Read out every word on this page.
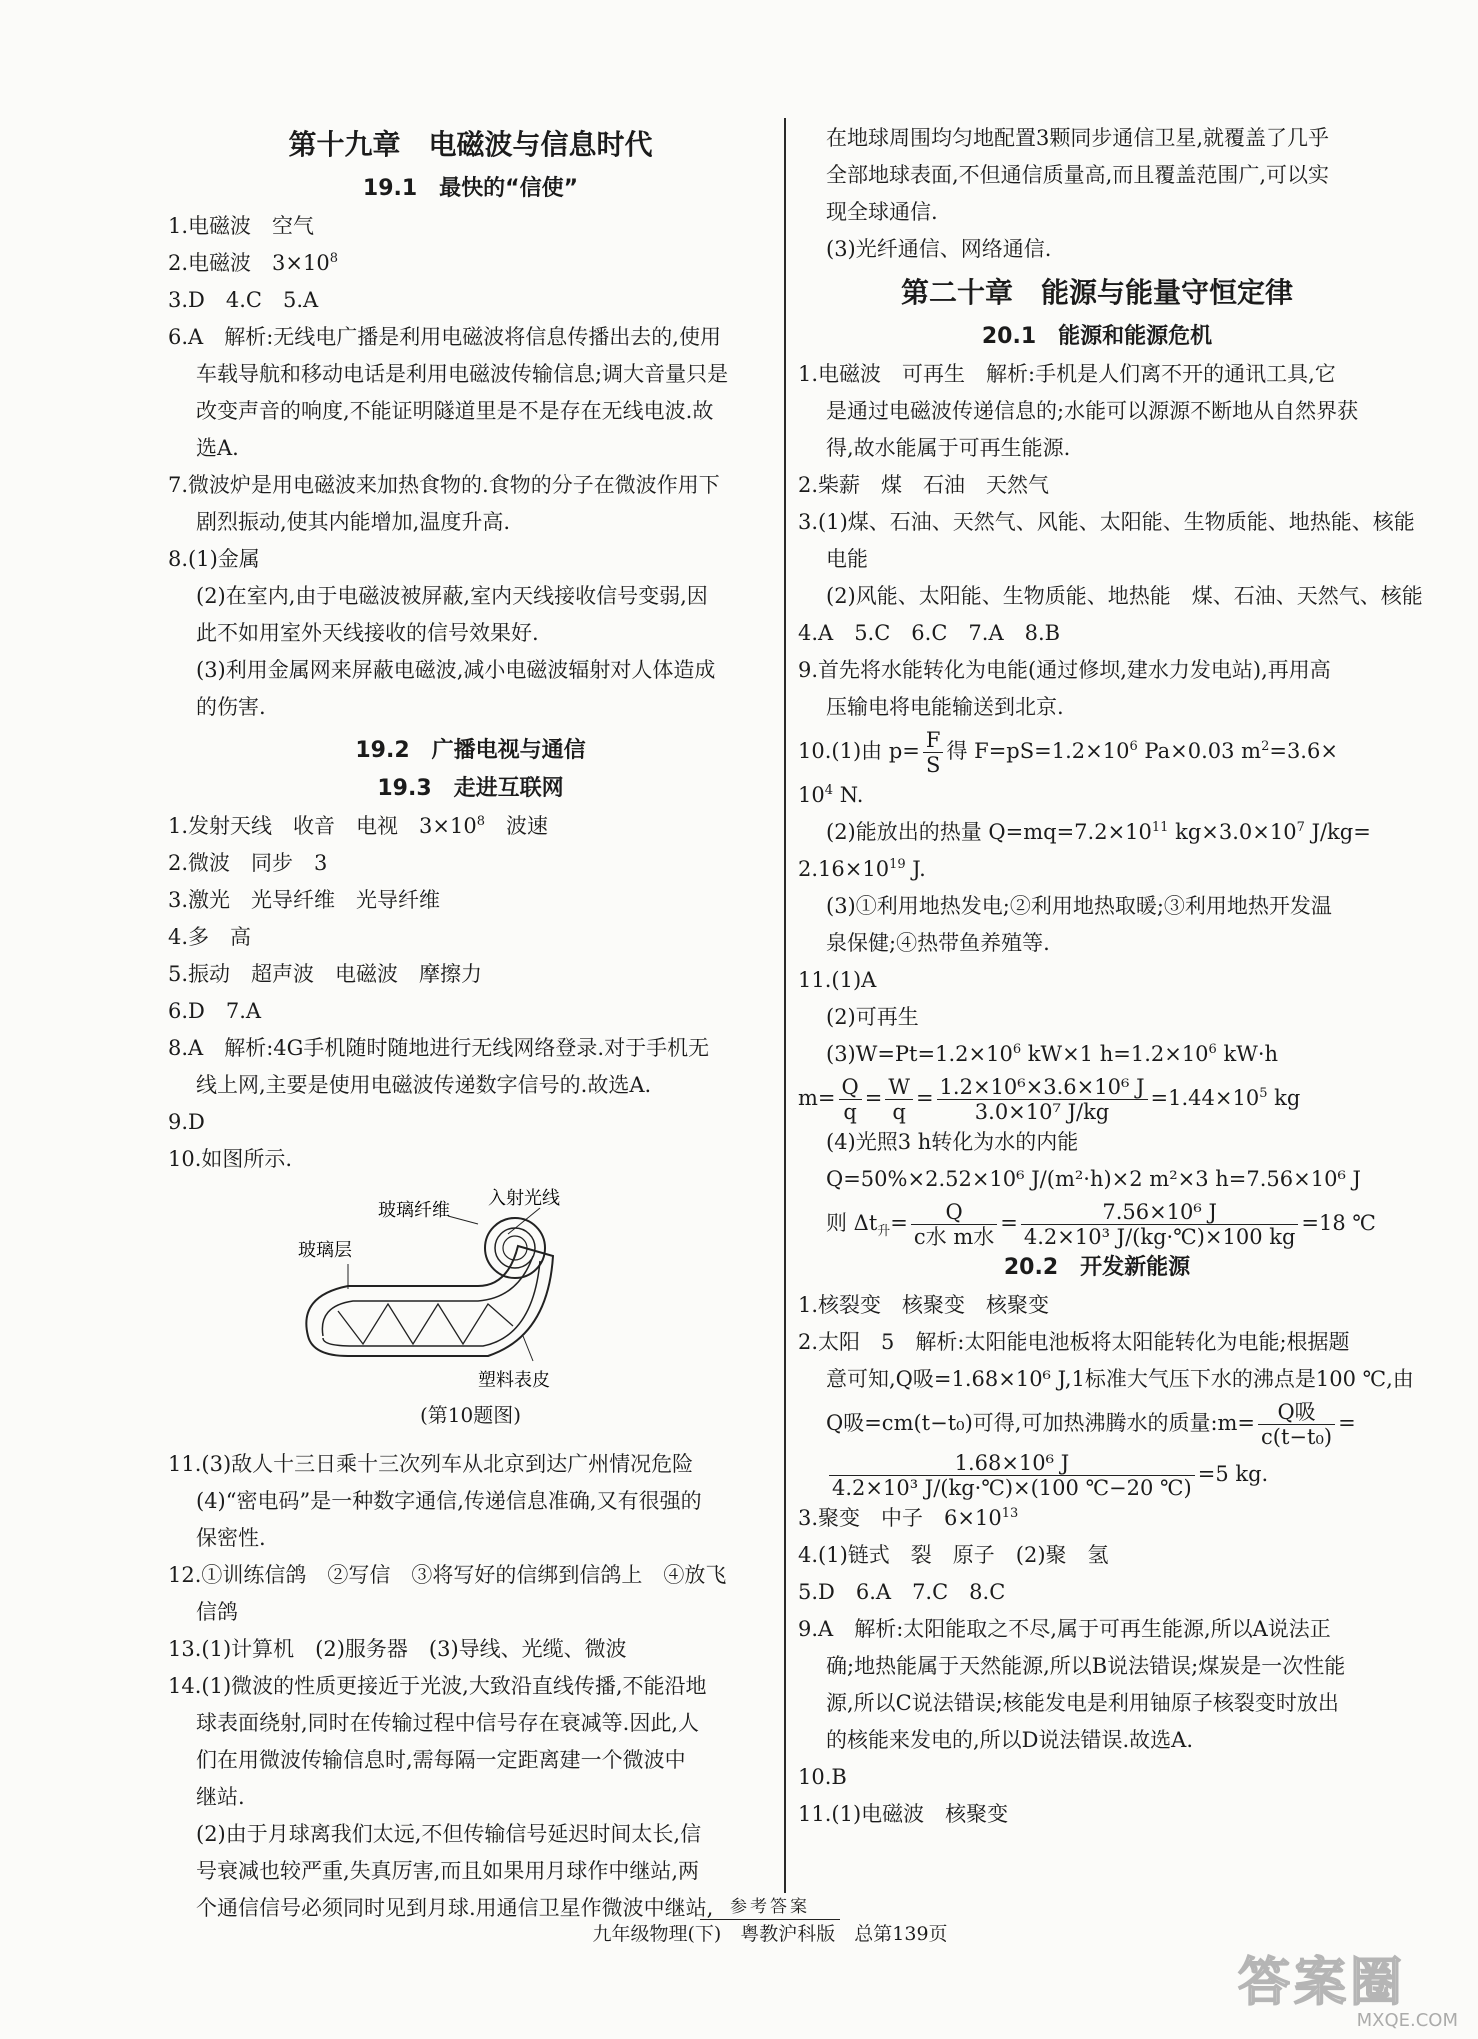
第十九章　电磁波与信息时代
19.1　最快的“信使”

1.电磁波　空气

2.电磁波　$3\times 10^8$

3.D　4.C　5.A

6.A　解析:无线电广播是利用电磁波将信息传播出去的,使用

车载导航和移动电话是利用电磁波传输信息;调大音量只是

改变声音的响度,不能证明隧道里是不是存在无线电波.故

选A.

7.微波炉是用电磁波来加热食物的.食物的分子在微波作用下

剧烈振动,使其内能增加,温度升高.

8.(1)金属

(2)在室内,由于电磁波被屏蔽,室内天线接收信号变弱,因

此不如用室外天线接收的信号效果好.

(3)利用金属网来屏蔽电磁波,减小电磁波辐射对人体造成

的伤害.

19.2　广播电视与通信
19.3　走进互联网

1.发射天线　收音　电视　$3\times 10^8$　波速

2.微波　同步　3

3.激光　光导纤维　光导纤维

4.多　高

5.振动　超声波　电磁波　摩擦力

6.D　7.A

8.A　解析:4G手机随时随地进行无线网络登录.对于手机无

线上网,主要是使用电磁波传递数字信号的.故选A.

9.D

10.如图所示.

玻璃纤维
入射光线
玻璃层
塑料表皮
(第10题图)

11.(3)敌人十三日乘十三次列车从北京到达广州情况危险

(4)“密电码”是一种数字通信,传递信息准确,又有很强的

保密性.

12.①训练信鸽　②写信　③将写好的信绑到信鸽上　④放飞

信鸽

13.(1)计算机　(2)服务器　(3)导线、光缆、微波

14.(1)微波的性质更接近于光波,大致沿直线传播,不能沿地

球表面绕射,同时在传输过程中信号存在衰减等.因此,人

们在用微波传输信息时,需每隔一定距离建一个微波中

继站.

(2)由于月球离我们太远,不但传输信号延迟时间太长,信

号衰减也较严重,失真厉害,而且如果用月球作中继站,两

个通信信号必须同时见到月球.用通信卫星作微波中继站,

在地球周围均匀地配置3颗同步通信卫星,就覆盖了几乎

全部地球表面,不但通信质量高,而且覆盖范围广,可以实

现全球通信.

(3)光纤通信、网络通信.

第二十章　能源与能量守恒定律
20.1　能源和能源危机

1.电磁波　可再生　解析:手机是人们离不开的通讯工具,它

是通过电磁波传递信息的;水能可以源源不断地从自然界获

得,故水能属于可再生能源.

2.柴薪　煤　石油　天然气

3.(1)煤、石油、天然气、风能、太阳能、生物质能、地热能、核能

电能

(2)风能、太阳能、生物质能、地热能　煤、石油、天然气、核能

4.A　5.C　6.C　7.A　8.B

9.首先将水能转化为电能(通过修坝,建水力发电站),再用高

压输电将电能输送到北京.

10.(1)由 $p= \frac{F}{S}$ 得 $F=pS=1.2\times 10^6$ Pa×0.03 $m^2=3.6\times$

$10^4$ N.

(2)能放出的热量 $Q=mq=7.2\times 10^{11}$ $kg\times 3.0\times 10^7$ J/kg=

$2.16\times 10^{19}$ J.

(3)①利用地热发电;②利用地热取暖;③利用地热开发温

泉保健;④热带鱼养殖等.

11.(1)A

(2)可再生

$(3)W=Pt=1.2\times 10^6$ kW×1 $h=1.2\times 10^6$ kW·h

$m= \frac{Q}{q} = \frac{W}{q} = \frac{\text{1.2×10⁶×3.6×10⁶ J}}{\text{3.0×10⁷ J/kg}} =1.44\times 10^5$ kg

(4)光照3 h转化为水的内能

Q=50%×2.52×10⁶ J/(m²·h)×2 m²×3 h=7.56×10⁶ J

则 $\Delta t_升= \frac{Q}{\text{c水 m水}} = \frac{\text{7.56×10⁶ J}}{\text{4.2×10³ J/(kg·℃)×100 kg}} =18$ ℃

20.2　开发新能源

1.核裂变　核聚变　核聚变

2.太阳　5　解析:太阳能电池板将太阳能转化为电能;根据题

意可知,Q吸=1.68×10⁶ J,1标准大气压下水的沸点是100 ℃,由

Q吸=cm(t−t₀)可得,可加热沸腾水的质量:m= $\frac{\text{Q吸}}{\text{c(t−t₀)}}$ =

$\frac{\text{1.68×10⁶ J}}{\text{4.2×10³ J/(kg·℃)×(100 ℃−20 ℃)}} =5$ kg.

3.聚变　中子　$6\times 10^{13}$

4.(1)链式　裂　原子　(2)聚　氢

5.D　6.A　7.C　8.C

9.A　解析:太阳能取之不尽,属于可再生能源,所以A说法正

确;地热能属于天然能源,所以B说法错误;煤炭是一次性能

源,所以C说法错误;核能发电是利用铀原子核裂变时放出

的核能来发电的,所以D说法错误.故选A.

10.B

11.(1)电磁波　核聚变

参考答案
九年级物理(下)　粤教沪科版　总第139页
答案圈
MXQE.COM
